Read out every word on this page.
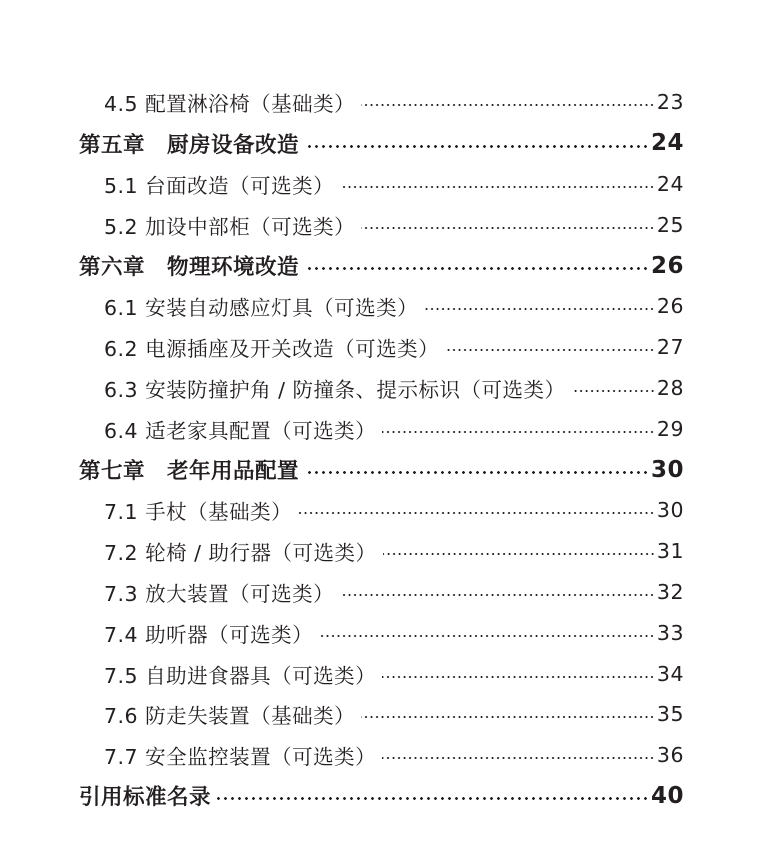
4.5 配置淋浴椅（基础类）	23
第五章　厨房设备改造	24
5.1 台面改造（可选类）	24
5.2 加设中部柜（可选类）	25
第六章　物理环境改造	26
6.1 安装自动感应灯具（可选类）	26
6.2 电源插座及开关改造（可选类）	27
6.3 安装防撞护角 / 防撞条、提示标识（可选类）	28
6.4 适老家具配置（可选类）	29
第七章　老年用品配置	30
7.1 手杖（基础类）	30
7.2 轮椅 / 助行器（可选类）	31
7.3 放大装置（可选类）	32
7.4 助听器（可选类）	33
7.5 自助进食器具（可选类）	34
7.6 防走失装置（基础类）	35
7.7 安全监控装置（可选类）	36
引用标准名录	40
